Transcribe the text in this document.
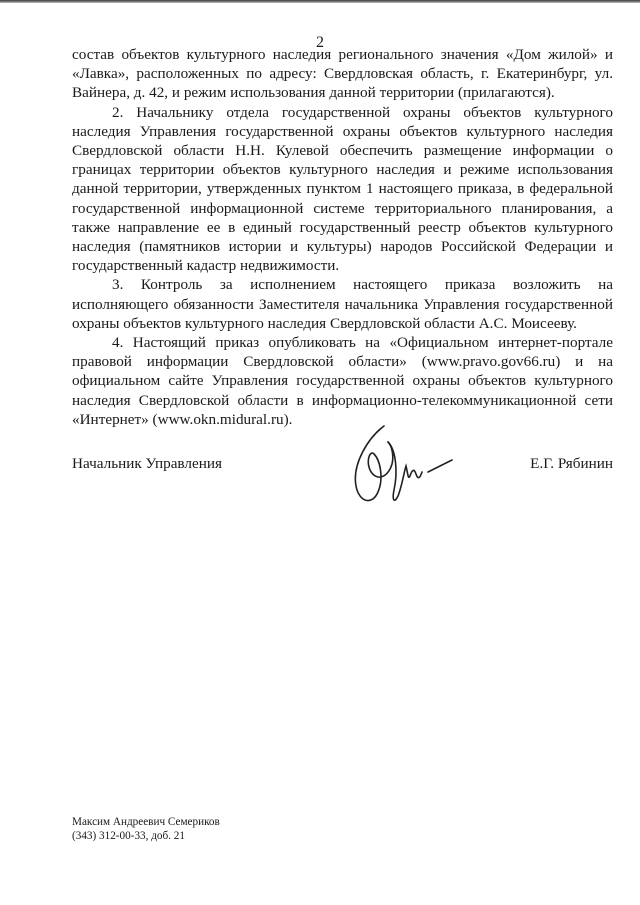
2

состав объектов культурного наследия регионального значения «Дом жилой» и «Лавка», расположенных по адресу: Свердловская область, г. Екатеринбург, ул. Вайнера, д. 42, и режим использования данной территории (прилагаются).

2. Начальнику отдела государственной охраны объектов культурного наследия Управления государственной охраны объектов культурного наследия Свердловской области Н.Н. Кулевой обеспечить размещение информации о границах территории объектов культурного наследия и режиме использования данной территории, утвержденных пунктом 1 настоящего приказа, в федеральной государственной информационной системе территориального планирования, а также направление ее в единый государственный реестр объектов культурного наследия (памятников истории и культуры) народов Российской Федерации и государственный кадастр недвижимости.

3. Контроль за исполнением настоящего приказа возложить на исполняющего обязанности Заместителя начальника Управления государственной охраны объектов культурного наследия Свердловской области А.С. Моисееву.

4. Настоящий приказ опубликовать на «Официальном интернет-портале правовой информации Свердловской области» (www.pravo.gov66.ru) и на официальном сайте Управления государственной охраны объектов культурного наследия Свердловской области в информационно-телекоммуникационной сети «Интернет» (www.okn.midural.ru).

Начальник Управления	Е.Г. Рябинин
Максим Андреевич Семериков
(343) 312-00-33, доб. 21
